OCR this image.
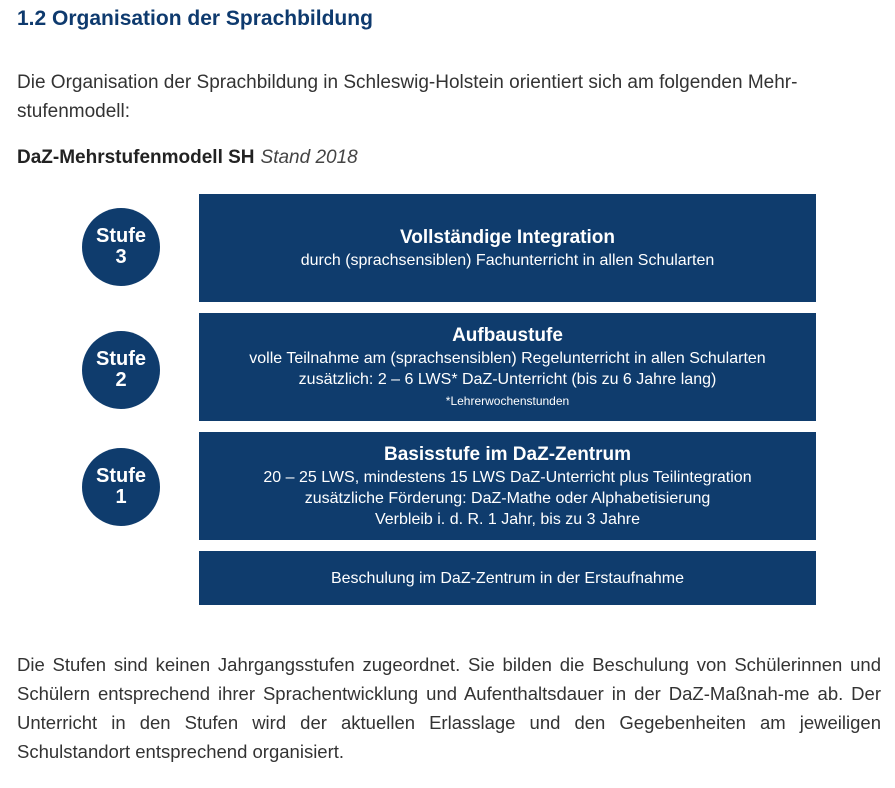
1.2 Organisation der Sprachbildung

Die Organisation der Sprachbildung in Schleswig-Holstein orientiert sich am folgenden Mehr-stufenmodell:

DaZ-Mehrstufenmodell SH Stand 2018

Stufe
3
Vollständige Integration
durch (sprachsensiblen) Fachunterricht in allen Schularten
Stufe
2
Aufbaustufe
volle Teilnahme am (sprachsensiblen) Regelunterricht in allen Schularten
zusätzlich: 2 – 6 LWS* DaZ-Unterricht (bis zu 6 Jahre lang)
*Lehrerwochenstunden
Stufe
1
Basisstufe im DaZ-Zentrum
20 – 25 LWS, mindestens 15 LWS DaZ-Unterricht plus Teilintegration
zusätzliche Förderung: DaZ-Mathe oder Alphabetisierung
Verbleib i. d. R. 1 Jahr, bis zu 3 Jahre
Beschulung im DaZ-Zentrum in der Erstaufnahme

Die Stufen sind keinen Jahrgangsstufen zugeordnet. Sie bilden die Beschulung von Schülerinnen und Schülern entsprechend ihrer Sprachentwicklung und Aufenthaltsdauer in der DaZ-Maßnah-me ab. Der Unterricht in den Stufen wird der aktuellen Erlasslage und den Gegebenheiten am jeweiligen Schulstandort entsprechend organisiert.
